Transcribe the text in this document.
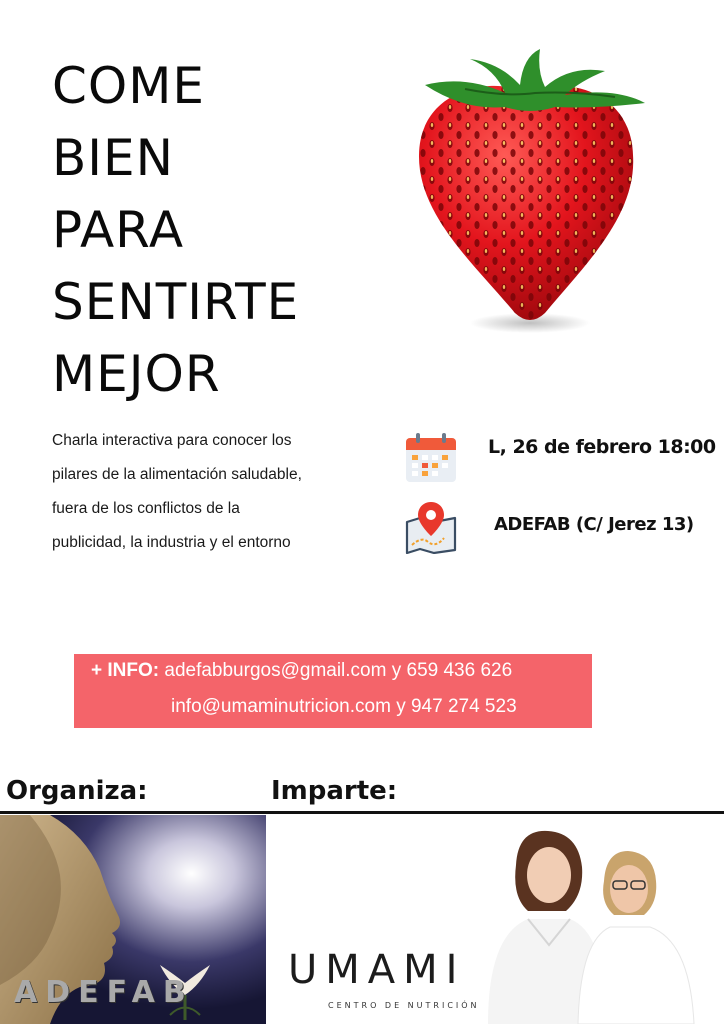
COME
BIEN
PARA
SENTIRTE
MEJOR
Charla interactiva para conocer los
pilares de la alimentación saludable,
fuera de los conflictos de la
publicidad, la industria y el entorno
L, 26 de febrero 18:00
ADEFAB (C/ Jerez 13)
+ INFO: adefabburgos@gmail.com y 659 436 626
info@umaminutricion.com y 947 274 523
Organiza:	Imparte:
ADEFAB UMAMI
CENTRO DE NUTRICIÓN
